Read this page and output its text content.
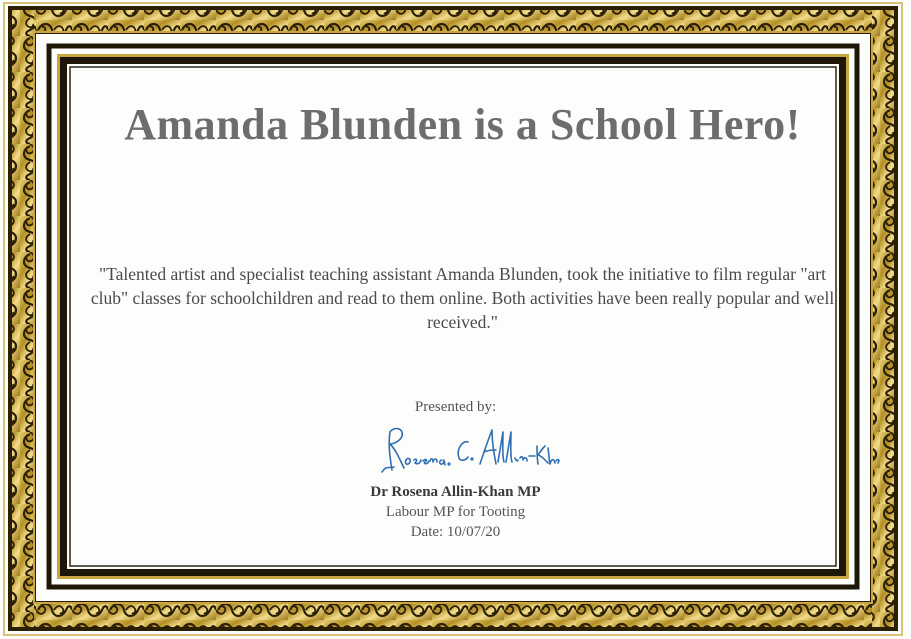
Amanda Blunden is a School Hero!
"Talented artist and specialist teaching assistant Amanda Blunden, took the initiative to film regular "art club" classes for schoolchildren and read to them online. Both activities have been really popular and well received."
Presented by:
Dr Rosena Allin-Khan MP
Labour MP for Tooting
Date: 10/07/20
